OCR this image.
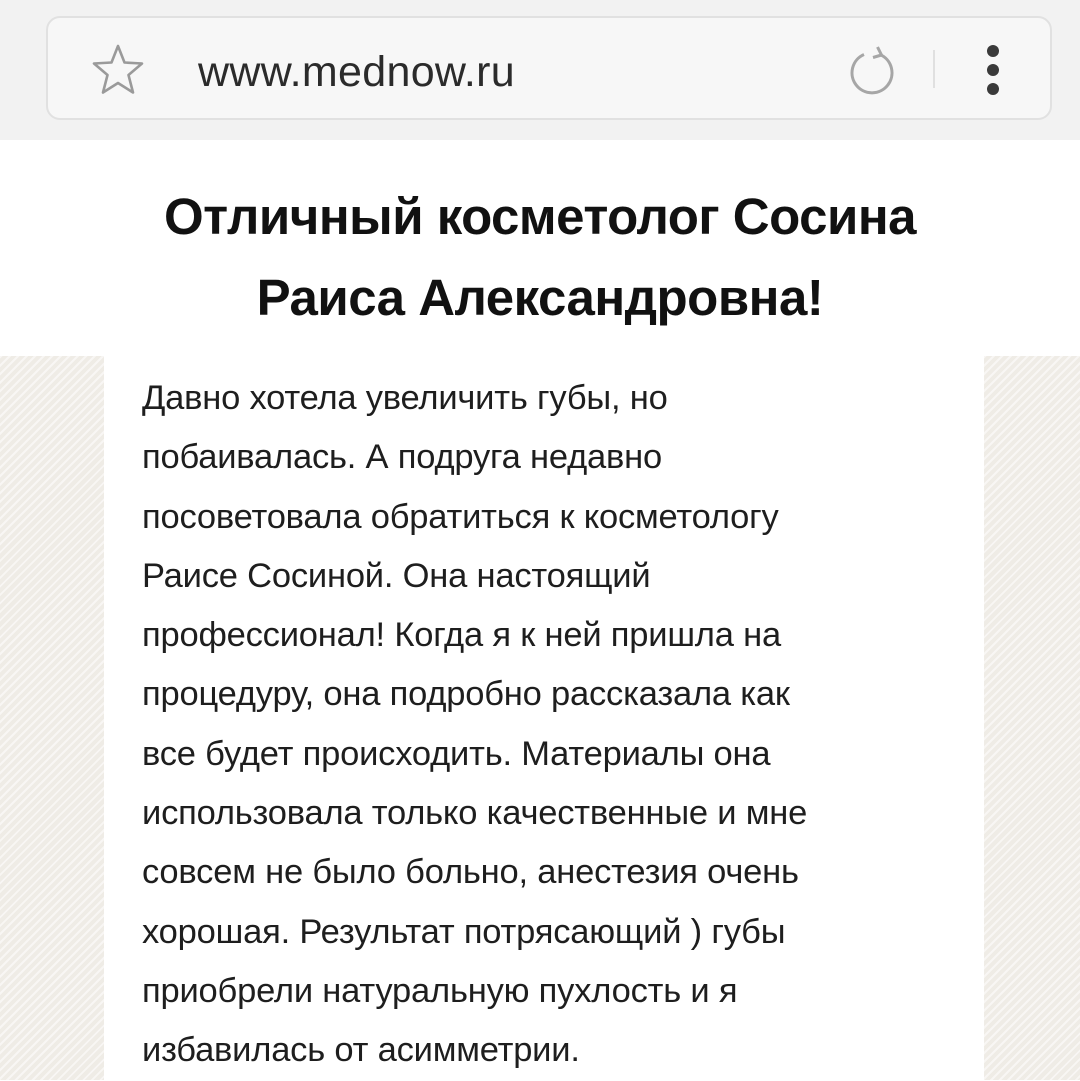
www.mednow.ru
Отличный косметолог Сосина
Раиса Александровна!

Давно хотела увеличить губы, но
побаивалась. А подруга недавно
посоветовала обратиться к косметологу
Раисе Сосиной. Она настоящий
профессионал! Когда я к ней пришла на
процедуру, она подробно рассказала как
все будет происходить. Материалы она
использовала только качественные и мне
совсем не было больно, анестезия очень
хорошая. Результат потрясающий ) губы
приобрели натуральную пухлость и я
избавилась от асимметрии.
